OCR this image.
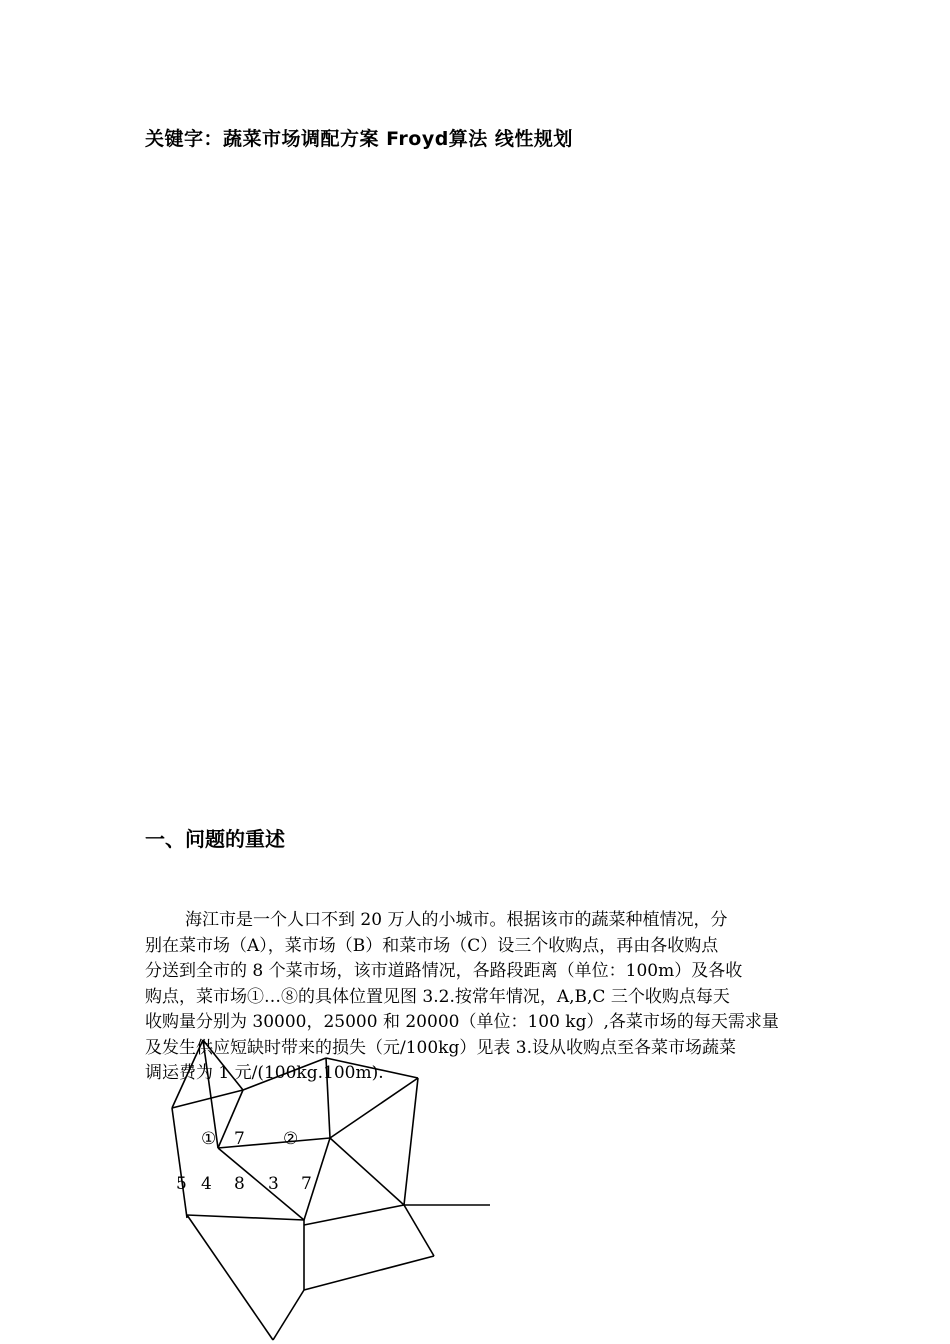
关键字：蔬菜市场调配方案 Froyd算法 线性规划
一、问题的重述

海江市是一个人口不到 20 万人的小城市。根据该市的蔬菜种植情况，分

别在菜市场（A），菜市场（B）和菜市场（C）设三个收购点，再由各收购点

分送到全市的 8 个菜市场，该市道路情况，各路段距离（单位：100m）及各收

购点，菜市场①…⑧的具体位置见图 3.2.按常年情况，A,B,C 三个收购点每天

收购量分别为 30000，25000 和 20000（单位：100 kg）,各菜市场的每天需求量

及发生供应短缺时带来的损失（元/100kg）见表 3.设从收购点至各菜市场蔬菜

调运费为 1 元/(100kg.100m).

① 7 ②
5 4 8 3 7
